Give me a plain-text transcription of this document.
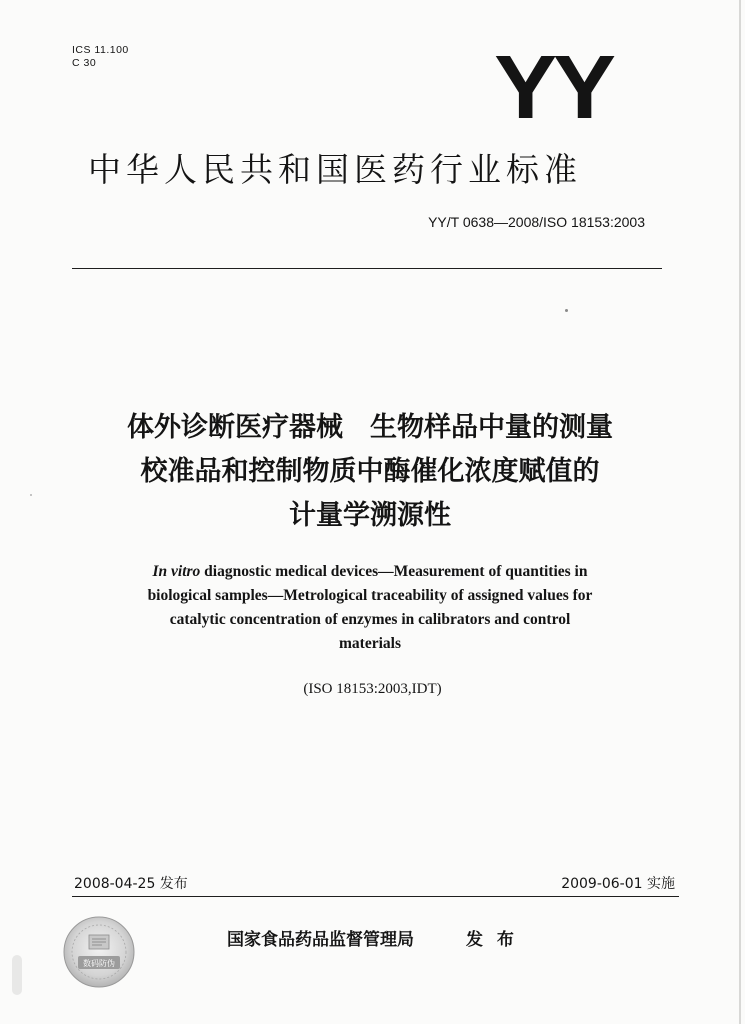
ICS 11.100
C 30	YY
中华人民共和国医药行业标准
YY/T 0638—2008/ISO 18153:2003
体外诊断医疗器械　生物样品中量的测量
校准品和控制物质中酶催化浓度赋值的
计量学溯源性
In vitro diagnostic medical devices—Measurement of quantities in
biological samples—Metrological traceability of assigned values for
catalytic concentration of enzymes in calibrators and control
materials
(ISO 18153:2003,IDT)
2008-04-25 发布	2009-06-01 实施
数码防伪
国家食品药品监督管理局	发 布
